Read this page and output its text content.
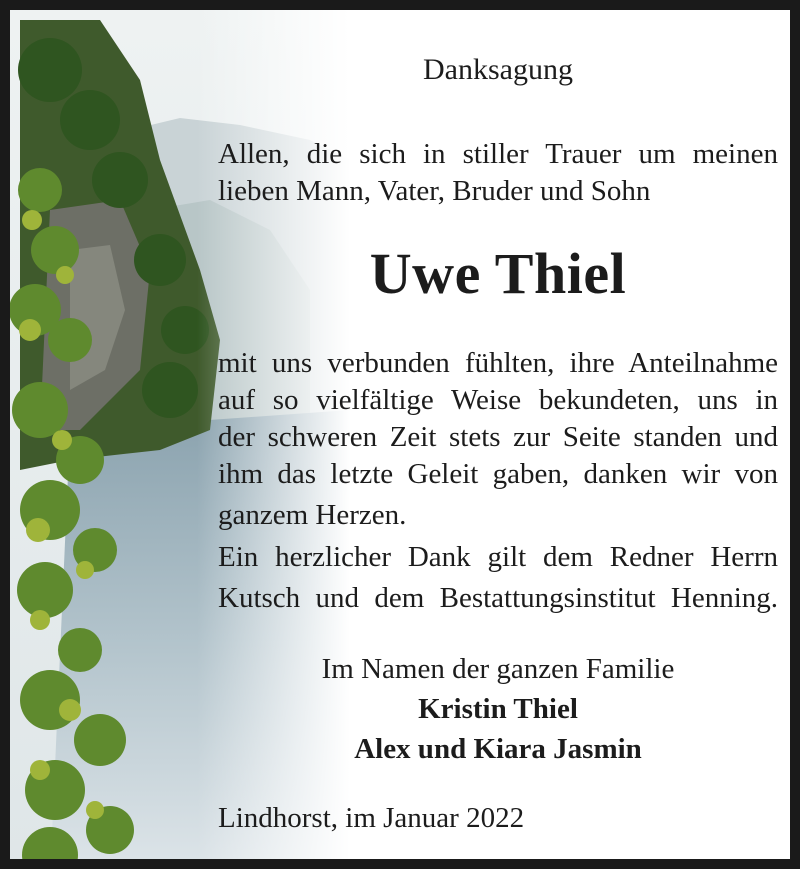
Danksagung
Allen, die sich in stiller Trauer um meinen
lieben Mann, Vater, Bruder und Sohn
Uwe Thiel
mit uns verbunden fühlten, ihre Anteilnahme
auf so vielfältige Weise bekundeten, uns in
der schweren Zeit stets zur Seite standen und
ihm das letzte Geleit gaben, danken wir von
ganzem Herzen.
Ein herzlicher Dank gilt dem Redner Herrn
Kutsch und dem Bestattungsinstitut Henning.
Im Namen der ganzen Familie
Kristin Thiel
Alex und Kiara Jasmin
Lindhorst, im Januar 2022
